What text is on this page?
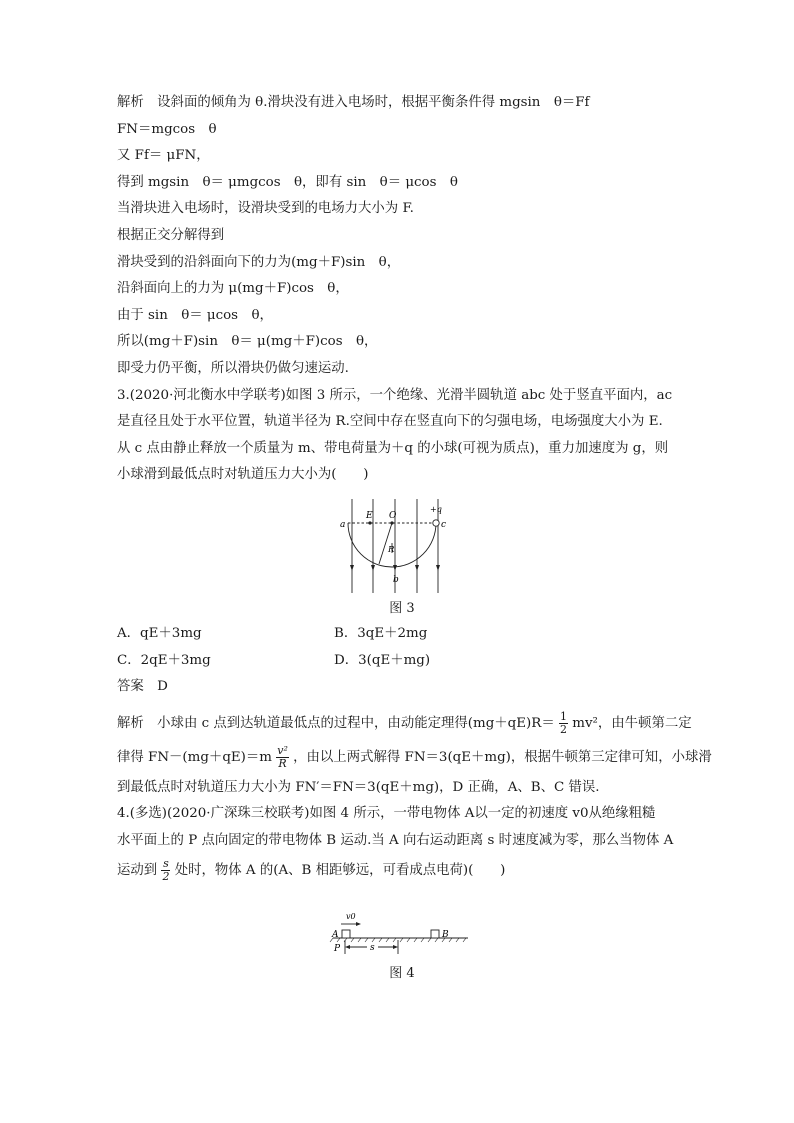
解析　设斜面的倾角为 θ.滑块没有进入电场时，根据平衡条件得 mgsin　θ＝Ff
FN＝mgcos　θ
又 Ff＝ μFN，
得到 mgsin　θ＝ μmgcos　θ，即有 sin　θ＝ μcos　θ
当滑块进入电场时，设滑块受到的电场力大小为 F.
根据正交分解得到
滑块受到的沿斜面向下的力为(mg＋F)sin　θ，
沿斜面向上的力为 μ(mg＋F)cos　θ，
由于 sin　θ＝ μcos　θ，
所以(mg＋F)sin　θ＝ μ(mg＋F)cos　θ，
即受力仍平衡，所以滑块仍做匀速运动.
3.(2020·河北衡水中学联考)如图 3 所示，一个绝缘、光滑半圆轨道 abc 处于竖直平面内，ac
是直径且处于水平位置，轨道半径为 R.空间中存在竖直向下的匀强电场，电场强度大小为 E.
从 c 点由静止释放一个质量为 m、带电荷量为＋q 的小球(可视为质点)，重力加速度为 g，则
小球滑到最低点时对轨道压力大小为(　　)
a
E O
+q
c
R
b
图 3
A．qE＋3mg	B．3qE＋2mg
C．2qE＋3mg	D．3(qE＋mg)
答案　D
解析　小球由 c 点到达轨道最低点的过程中，由动能定理得$(mg+qE)R= \frac{1}{2} mv^2$，由牛顿第二定
律得 $FN-(mg+qE)=m \frac{\text{v²}}{R}$ ，由以上两式解得 FN＝3(qE＋mg)，根据牛顿第三定律可知，小球滑
到最低点时对轨道压力大小为 FN′＝FN＝3(qE＋mg)，D 正确，A、B、C 错误.
4.(多选)(2020·广深珠三校联考)如图 4 所示，一带电物体 A以一定的初速度 v0从绝缘粗糙
水平面上的 P 点向固定的带电物体 B 运动.当 A 向右运动距离 s 时速度减为零，那么当物体 A
运动到 $\frac{s}{2}$ 处时，物体 A 的(A、B 相距够远，可看成点电荷)(　　)
v0
A	B
P	s
图 4
